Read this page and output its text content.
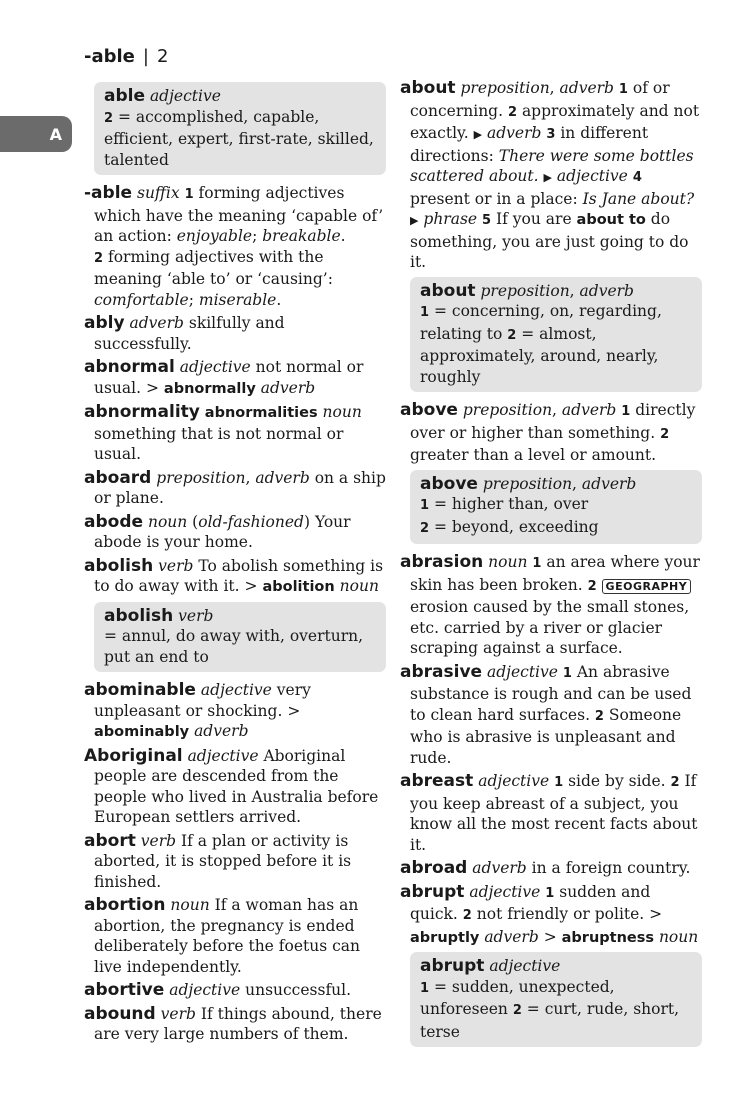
-able | 2
A
able adjective
2 = accomplished, capable, efficient, expert, first-rate, skilled, talented
-able suffix 1 forming adjectives which have the meaning ‘capable of’ an action: enjoyable; breakable.
2 forming adjectives with the meaning ‘able to’ or ‘causing’: comfortable; miserable.
ably adverb skilfully and successfully.
abnormal adjective not normal or usual. > abnormally adverb
abnormality abnormalities noun something that is not normal or usual.
aboard preposition, adverb on a ship or plane.
abode noun (old-fashioned) Your abode is your home.
abolish verb To abolish something is to do away with it. > abolition noun
abolish verb
= annul, do away with, overturn, put an end to
abominable adjective very unpleasant or shocking. > abominably adverb
Aboriginal adjective Aboriginal people are descended from the people who lived in Australia before European settlers arrived.
abort verb If a plan or activity is aborted, it is stopped before it is finished.
abortion noun If a woman has an abortion, the pregnancy is ended deliberately before the foetus can live independently.
abortive adjective unsuccessful.
abound verb If things abound, there are very large numbers of them.
about preposition, adverb 1 of or concerning. 2 approximately and not exactly. ▶ adverb 3 in different directions: There were some bottles scattered about. ▶ adjective 4 present or in a place: Is Jane about? ▶ phrase 5 If you are about to do something, you are just going to do it.
about preposition, adverb
1 = concerning, on, regarding, relating to 2 = almost, approximately, around, nearly, roughly
above preposition, adverb 1 directly over or higher than something. 2 greater than a level or amount.
above preposition, adverb
1 = higher than, over
2 = beyond, exceeding
abrasion noun 1 an area where your skin has been broken. 2 GEOGRAPHY erosion caused by the small stones, etc. carried by a river or glacier scraping against a surface.
abrasive adjective 1 An abrasive substance is rough and can be used to clean hard surfaces. 2 Someone who is abrasive is unpleasant and rude.
abreast adjective 1 side by side. 2 If you keep abreast of a subject, you know all the most recent facts about it.
abroad adverb in a foreign country.
abrupt adjective 1 sudden and quick. 2 not friendly or polite. > abruptly adverb > abruptness noun
abrupt adjective
1 = sudden, unexpected, unforeseen 2 = curt, rude, short, terse
